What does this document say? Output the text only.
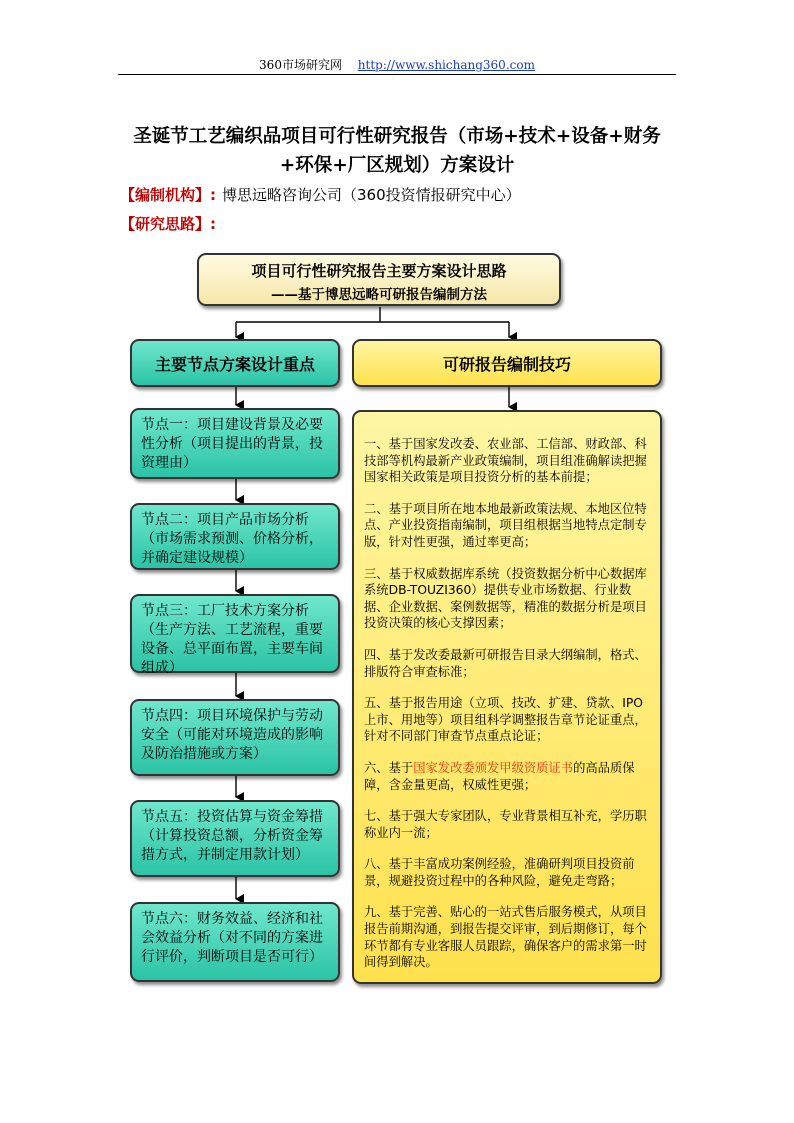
360市场研究网 http://www.shichang360.com
圣诞节工艺编织品项目可行性研究报告（市场+技术+设备+财务+环保+厂区规划）方案设计
【编制机构】: 博思远略咨询公司（360投资情报研究中心）
【研究思路】:
项目可行性研究报告主要方案设计思路
——基于博思远略可研报告编制方法
主要节点方案设计重点	可研报告编制技巧
节点一：项目建设背景及必要性分析（项目提出的背景，投资理由）
节点二：项目产品市场分析（市场需求预测、价格分析，并确定建设规模）
节点三：工厂技术方案分析（生产方法、工艺流程，重要设备、总平面布置，主要车间组成）
节点四：项目环境保护与劳动安全（可能对环境造成的影响及防治措施或方案）
节点五：投资估算与资金筹措（计算投资总额，分析资金筹措方式，并制定用款计划）
节点六：财务效益、经济和社会效益分析（对不同的方案进行评价，判断项目是否可行）

一、基于国家发改委、农业部、工信部、财政部、科技部等机构最新产业政策编制，项目组准确解读把握国家相关政策是项目投资分析的基本前提；

二、基于项目所在地本地最新政策法规、本地区位特点、产业投资指南编制，项目组根据当地特点定制专版，针对性更强，通过率更高；

三、基于权威数据库系统（投资数据分析中心数据库系统DB-TOUZI360）提供专业市场数据、行业数据、企业数据、案例数据等，精准的数据分析是项目投资决策的核心支撑因素；

四、基于发改委最新可研报告目录大纲编制，格式、排版符合审查标准；

五、基于报告用途（立项、技改、扩建、贷款、IPO上市、用地等）项目组科学调整报告章节论证重点，针对不同部门审查节点重点论证；

六、基于国家发改委颁发甲级资质证书的高品质保障，含金量更高，权威性更强；

七、基于强大专家团队，专业背景相互补充，学历职称业内一流；

八、基于丰富成功案例经验，准确研判项目投资前景，规避投资过程中的各种风险，避免走弯路；

九、基于完善、贴心的一站式售后服务模式，从项目报告前期沟通，到报告提交评审，到后期修订，每个环节都有专业客服人员跟踪，确保客户的需求第一时间得到解决。
